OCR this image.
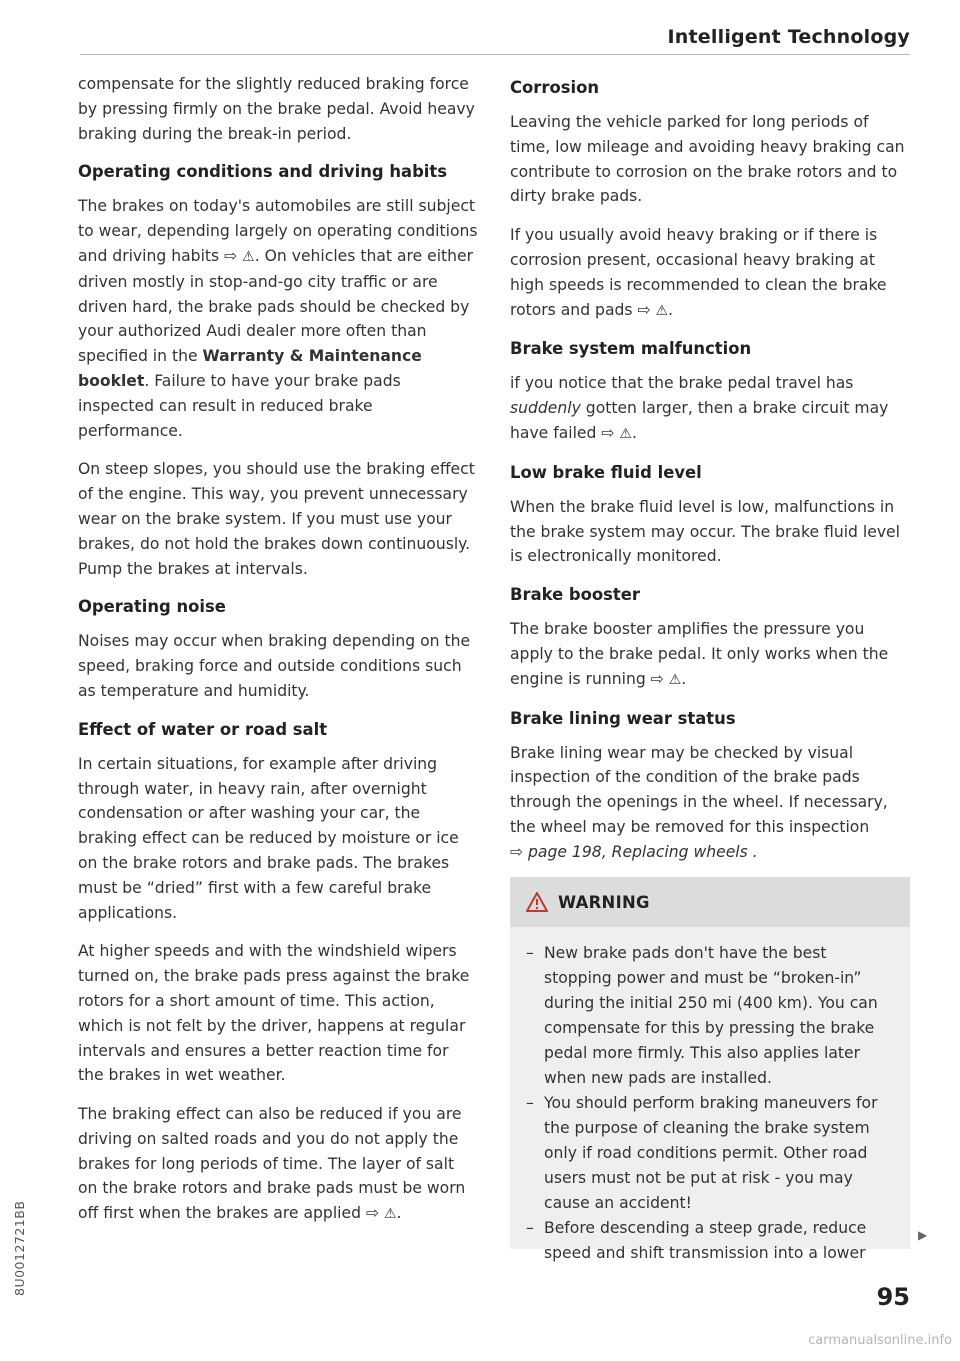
Intelligent Technology

compensate for the slightly reduced braking force by pressing firmly on the brake pedal. Avoid heavy braking during the break-in period.

Operating conditions and driving habits

The brakes on today's automobiles are still subject to wear, depending largely on operating conditions and driving habits ⇨ ⚠. On vehicles that are either driven mostly in stop-and-go city traffic or are driven hard, the brake pads should be checked by your authorized Audi dealer more often than specified in the Warranty & Maintenance booklet. Failure to have your brake pads inspected can result in reduced brake performance.

On steep slopes, you should use the braking effect of the engine. This way, you prevent unnecessary wear on the brake system. If you must use your brakes, do not hold the brakes down continuously. Pump the brakes at intervals.

Operating noise

Noises may occur when braking depending on the speed, braking force and outside conditions such as temperature and humidity.

Effect of water or road salt

In certain situations, for example after driving through water, in heavy rain, after overnight condensation or after washing your car, the braking effect can be reduced by moisture or ice on the brake rotors and brake pads. The brakes must be “dried” first with a few careful brake applications.

At higher speeds and with the windshield wipers turned on, the brake pads press against the brake rotors for a short amount of time. This action, which is not felt by the driver, happens at regular intervals and ensures a better reaction time for the brakes in wet weather.

The braking effect can also be reduced if you are driving on salted roads and you do not apply the brakes for long periods of time. The layer of salt on the brake rotors and brake pads must be worn off first when the brakes are applied ⇨ ⚠.

Corrosion

Leaving the vehicle parked for long periods of time, low mileage and avoiding heavy braking can contribute to corrosion on the brake rotors and to dirty brake pads.

If you usually avoid heavy braking or if there is corrosion present, occasional heavy braking at high speeds is recommended to clean the brake rotors and pads ⇨ ⚠.

Brake system malfunction

if you notice that the brake pedal travel has suddenly gotten larger, then a brake circuit may have failed ⇨ ⚠.

Low brake fluid level

When the brake fluid level is low, malfunctions in the brake system may occur. The brake fluid level is electronically monitored.

Brake booster

The brake booster amplifies the pressure you apply to the brake pedal. It only works when the engine is running ⇨ ⚠.

Brake lining wear status

Brake lining wear may be checked by visual inspection of the condition of the brake pads through the openings in the wheel. If necessary, the wheel may be removed for this inspection
⇨ page 198, Replacing wheels .

WARNING

– New brake pads don't have the best stopping power and must be “broken-in” during the initial 250 mi (400 km). You can compensate for this by pressing the brake pedal more firmly. This also applies later when new pads are installed.

– You should perform braking maneuvers for the purpose of cleaning the brake system only if road conditions permit. Other road users must not be put at risk - you may cause an accident!

– Before descending a steep grade, reduce speed and shift transmission into a lower

▶
8U0012721BB
95
carmanualsonline.info
